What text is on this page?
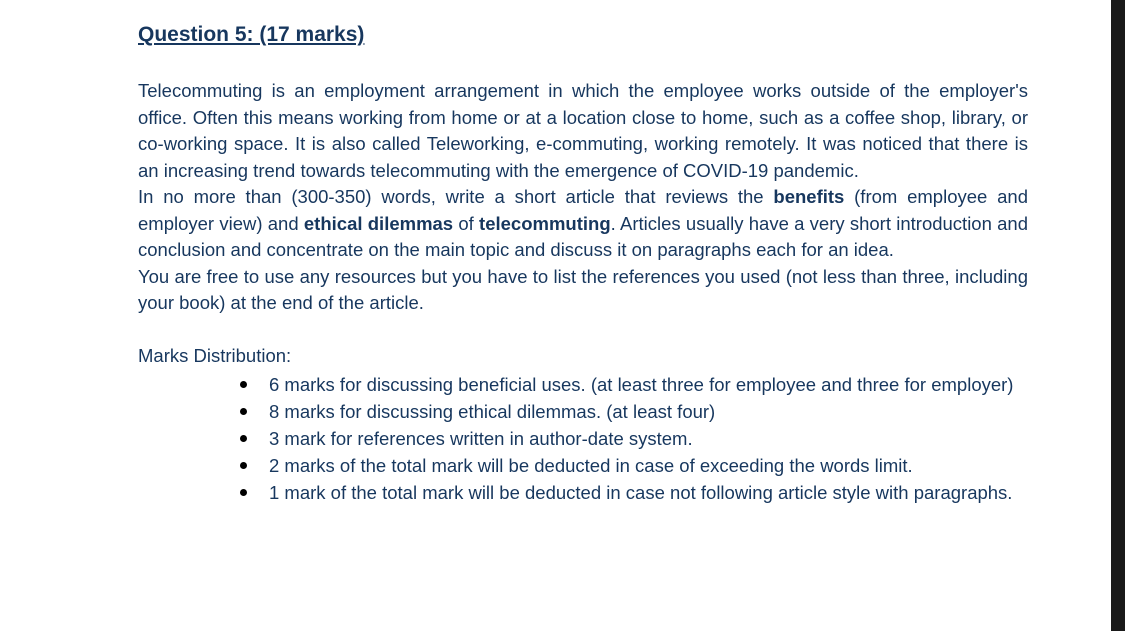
Question 5: (17 marks)

Telecommuting is an employment arrangement in which the employee works outside of the employer's office. Often this means working from home or at a location close to home, such as a coffee shop, library, or co-working space. It is also called Teleworking, e-commuting, working remotely. It was noticed that there is an increasing trend towards telecommuting with the emergence of COVID-19 pandemic.

In no more than (300-350) words, write a short article that reviews the benefits (from employee and employer view) and ethical dilemmas of telecommuting. Articles usually have a very short introduction and conclusion and concentrate on the main topic and discuss it on paragraphs each for an idea.

You are free to use any resources but you have to list the references you used (not less than three, including your book) at the end of the article.

Marks Distribution:

6 marks for discussing beneficial uses. (at least three for employee and three for employer)
8 marks for discussing ethical dilemmas. (at least four)
3 mark for references written in author-date system.
2 marks of the total mark will be deducted in case of exceeding the words limit.
1 mark of the total mark will be deducted in case not following article style with paragraphs.
